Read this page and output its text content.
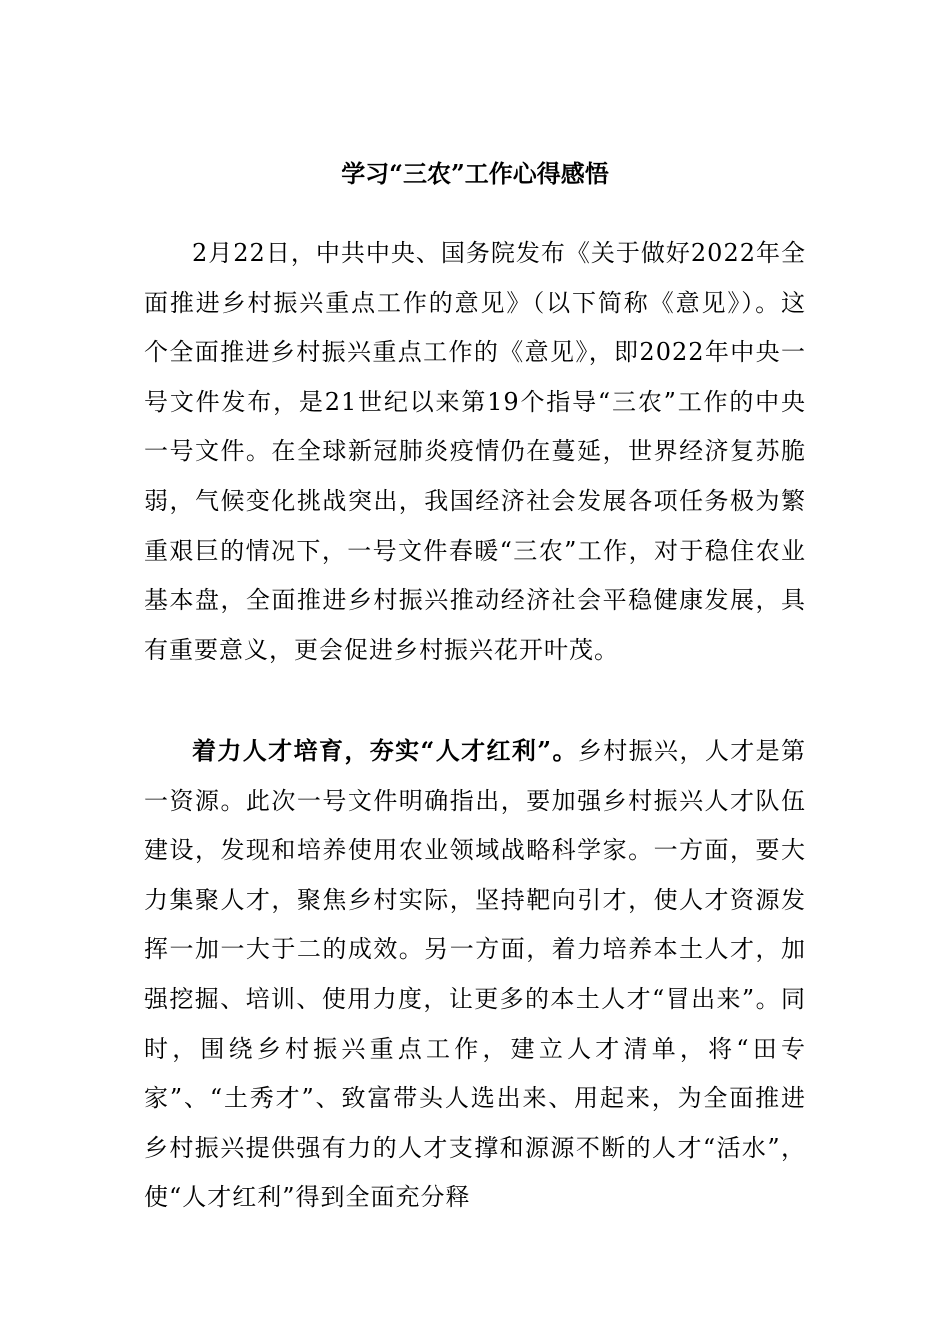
学习“三农”工作心得感悟

2月22日，中共中央、国务院发布《关于做好2022年全面推进乡村振兴重点工作的意见》（以下简称《意见》）。这个全面推进乡村振兴重点工作的《意见》，即2022年中央一号文件发布，是21世纪以来第19个指导“三农”工作的中央一号文件。在全球新冠肺炎疫情仍在蔓延，世界经济复苏脆弱，气候变化挑战突出，我国经济社会发展各项任务极为繁重艰巨的情况下，一号文件春暖“三农”工作，对于稳住农业基本盘，全面推进乡村振兴推动经济社会平稳健康发展，具有重要意义，更会促进乡村振兴花开叶茂。

着力人才培育，夯实“人才红利”。乡村振兴，人才是第一资源。此次一号文件明确指出，要加强乡村振兴人才队伍建设，发现和培养使用农业领域战略科学家。一方面，要大力集聚人才，聚焦乡村实际，坚持靶向引才，使人才资源发挥一加一大于二的成效。另一方面，着力培养本土人才，加强挖掘、培训、使用力度，让更多的本土人才“冒出来”。同时，围绕乡村振兴重点工作，建立人才清单，将“田专家”、“土秀才”、致富带头人选出来、用起来，为全面推进乡村振兴提供强有力的人才支撑和源源不断的人才“活水”，使“人才红利”得到全面充分释
